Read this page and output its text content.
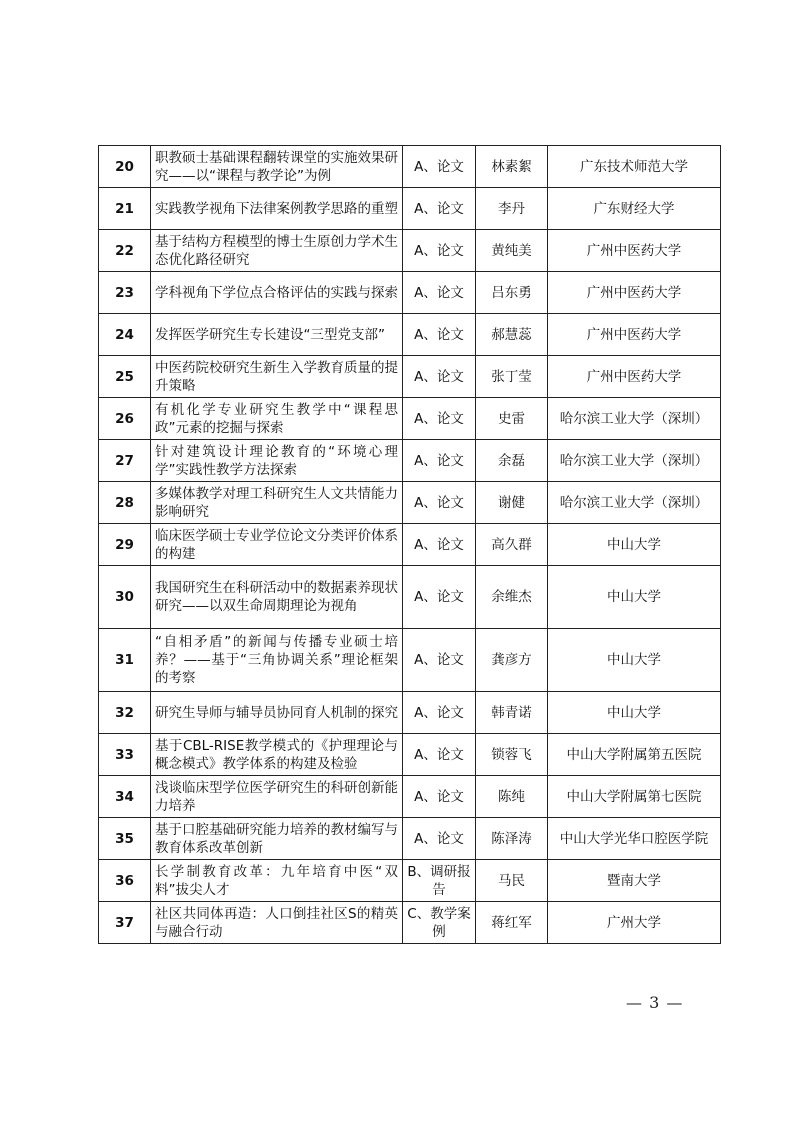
20	职教硕士基础课程翻转课堂的实施效果研究——以“课程与教学论”为例	A、论文	林素絮	广东技术师范大学
21	实践教学视角下法律案例教学思路的重塑	A、论文	李丹	广东财经大学
22	基于结构方程模型的博士生原创力学术生态优化路径研究	A、论文	黄纯美	广州中医药大学
23	学科视角下学位点合格评估的实践与探索	A、论文	吕东勇	广州中医药大学
24	发挥医学研究生专长建设“三型党支部”	A、论文	郝慧蕊	广州中医药大学
25	中医药院校研究生新生入学教育质量的提升策略	A、论文	张丁莹	广州中医药大学
26	有机化学专业研究生教学中“课程思政”元素的挖掘与探索	A、论文	史雷	哈尔滨工业大学（深圳）
27	针对建筑设计理论教育的“环境心理学”实践性教学方法探索	A、论文	余磊	哈尔滨工业大学（深圳）
28	多媒体教学对理工科研究生人文共情能力影响研究	A、论文	谢健	哈尔滨工业大学（深圳）
29	临床医学硕士专业学位论文分类评价体系的构建	A、论文	高久群	中山大学
30	我国研究生在科研活动中的数据素养现状研究——以双生命周期理论为视角	A、论文	余维杰	中山大学
31	“自相矛盾”的新闻与传播专业硕士培养？——基于“三角协调关系”理论框架的考察	A、论文	龚彦方	中山大学
32	研究生导师与辅导员协同育人机制的探究	A、论文	韩青诺	中山大学
33	基于CBL-RISE教学模式的《护理理论与概念模式》教学体系的构建及检验	A、论文	锁蓉飞	中山大学附属第五医院
34	浅谈临床型学位医学研究生的科研创新能力培养	A、论文	陈纯	中山大学附属第七医院
35	基于口腔基础研究能力培养的教材编写与教育体系改革创新	A、论文	陈泽涛	中山大学光华口腔医学院
36	长学制教育改革：九年培育中医“双料”拔尖人才	B、调研报告	马民	暨南大学
37	社区共同体再造：人口倒挂社区S的精英与融合行动	C、教学案例	蒋红军	广州大学
— 3 —
